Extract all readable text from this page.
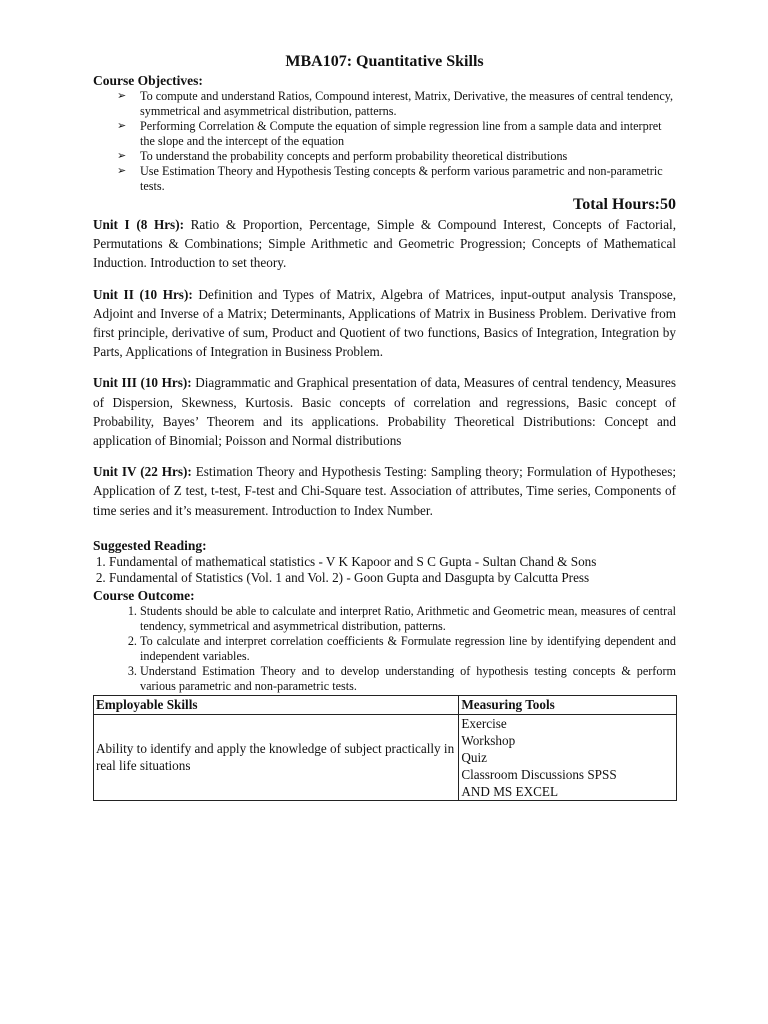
MBA107: Quantitative Skills
Course Objectives:
➢ To compute and understand Ratios, Compound interest, Matrix, Derivative, the measures of central tendency, symmetrical and asymmetrical distribution, patterns.
➢ Performing Correlation & Compute the equation of simple regression line from a sample data and interpret the slope and the intercept of the equation
➢ To understand the probability concepts and perform probability theoretical distributions
➢ Use Estimation Theory and Hypothesis Testing concepts & perform various parametric and non-parametric tests.
Total Hours:50

Unit I (8 Hrs): Ratio & Proportion, Percentage, Simple & Compound Interest, Concepts of Factorial, Permutations & Combinations; Simple Arithmetic and Geometric Progression; Concepts of Mathematical Induction. Introduction to set theory.

Unit II (10 Hrs): Definition and Types of Matrix, Algebra of Matrices, input-output analysis Transpose, Adjoint and Inverse of a Matrix; Determinants, Applications of Matrix in Business Problem. Derivative from first principle, derivative of sum, Product and Quotient of two functions, Basics of Integration, Integration by Parts, Applications of Integration in Business Problem.

Unit III (10 Hrs): Diagrammatic and Graphical presentation of data, Measures of central tendency, Measures of Dispersion, Skewness, Kurtosis. Basic concepts of correlation and regressions, Basic concept of Probability, Bayes’ Theorem and its applications. Probability Theoretical Distributions: Concept and application of Binomial; Poisson and Normal distributions

Unit IV (22 Hrs): Estimation Theory and Hypothesis Testing: Sampling theory; Formulation of Hypotheses; Application of Z test, t-test, F-test and Chi-Square test. Association of attributes, Time series, Components of time series and it’s measurement. Introduction to Index Number.

Suggested Reading:
1. Fundamental of mathematical statistics - V K Kapoor and S C Gupta - Sultan Chand & Sons
2. Fundamental of Statistics (Vol. 1 and Vol. 2) - Goon Gupta and Dasgupta by Calcutta Press
Course Outcome:
1. Students should be able to calculate and interpret Ratio, Arithmetic and Geometric mean, measures of central tendency, symmetrical and asymmetrical distribution, patterns.
2. To calculate and interpret correlation coefficients & Formulate regression line by identifying dependent and independent variables.
3. Understand Estimation Theory and to develop understanding of hypothesis testing concepts & perform various parametric and non-parametric tests.
Employable Skills	Measuring Tools
Ability to identify and apply the knowledge of subject practically in real life situations	Exercise
Workshop
Quiz
Classroom Discussions SPSS
AND MS EXCEL
